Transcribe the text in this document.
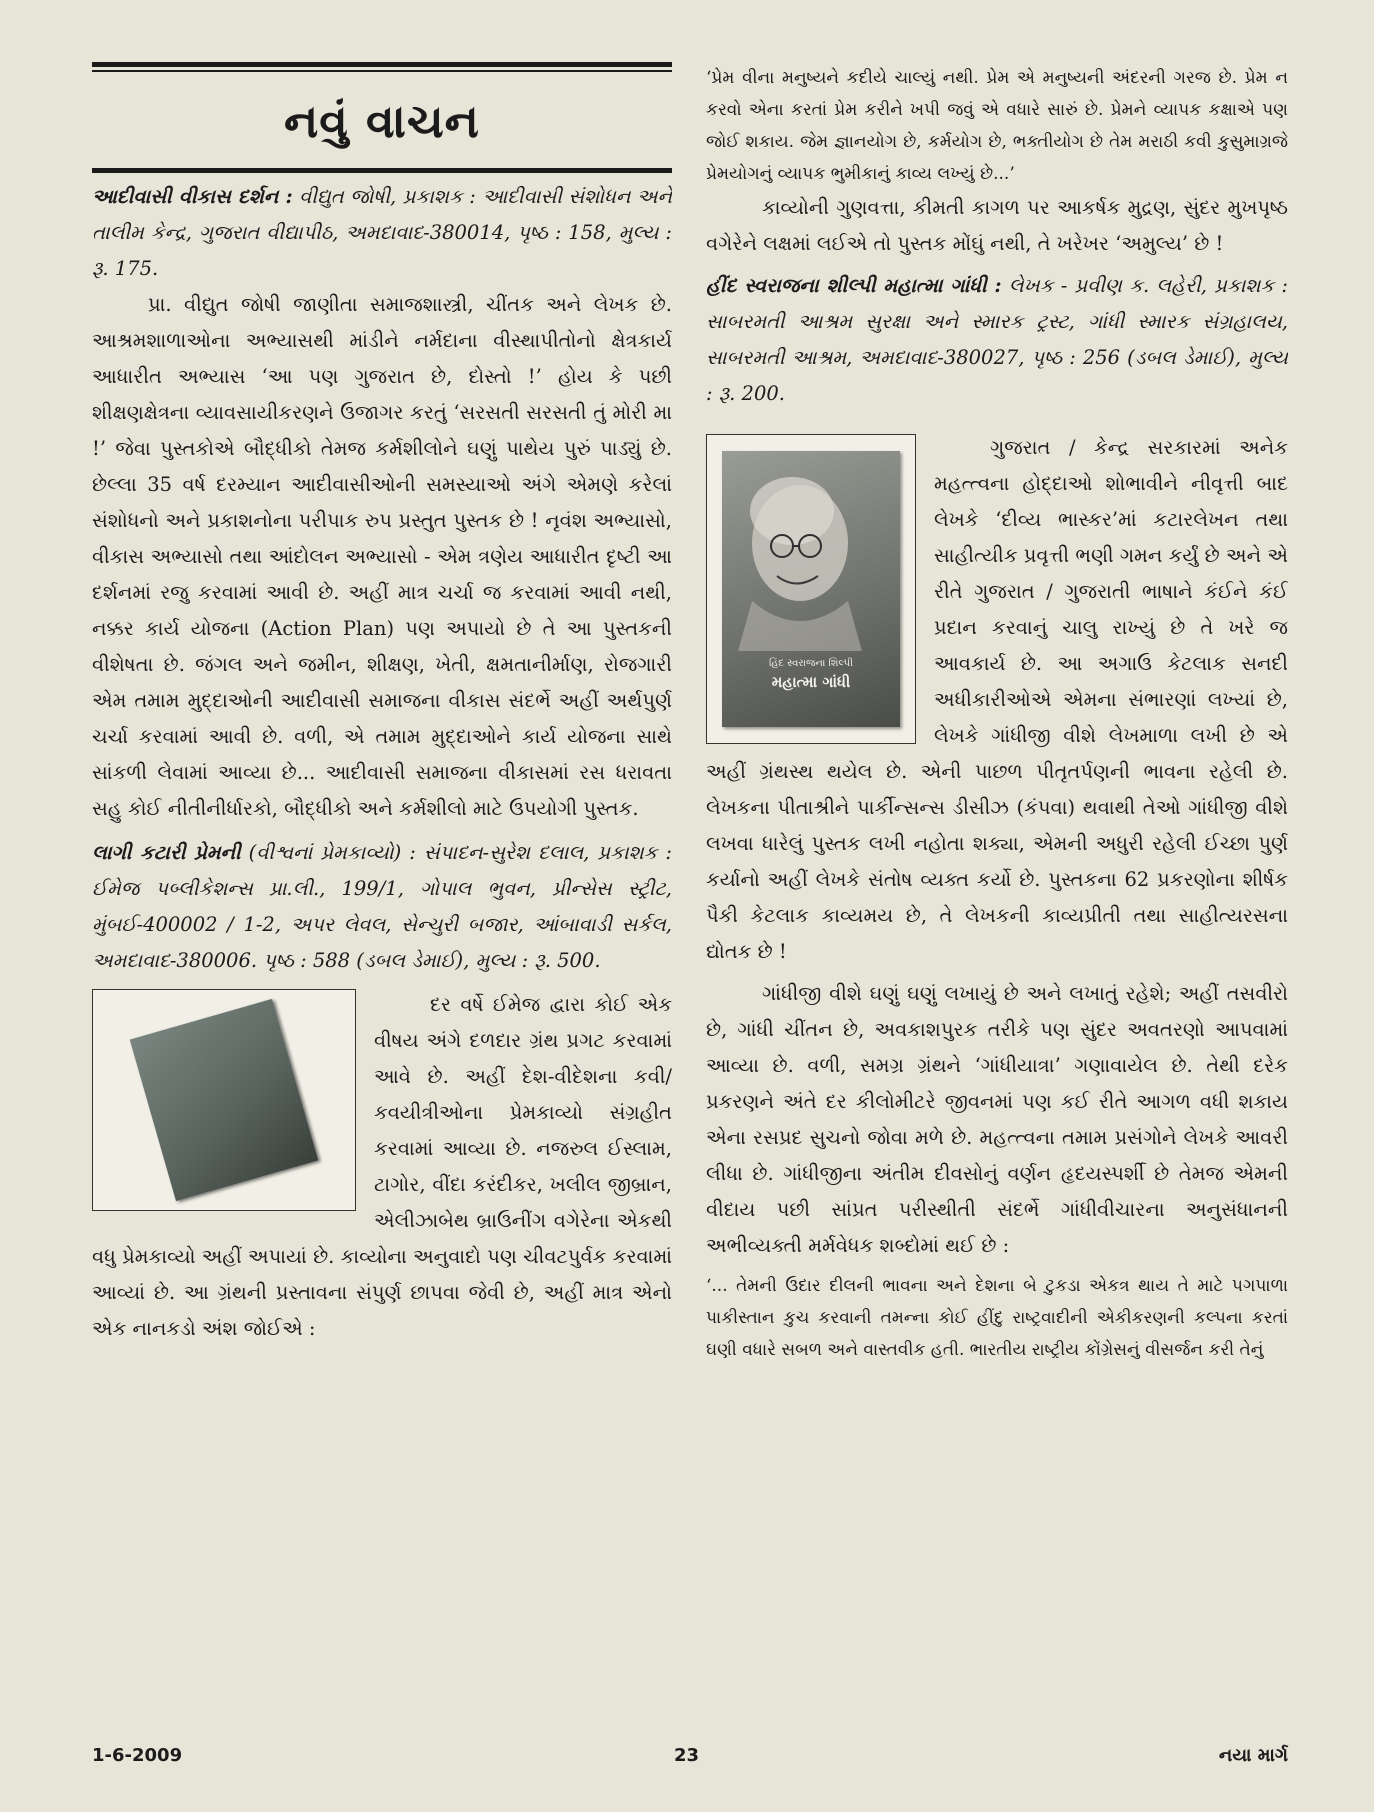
નવું વાચન

આદીવાસી વીકાસ દર્શન : વીદ્યુત જોષી, પ્રકાશક : આદીવાસી સંશોધન અને તાલીમ કેન્દ્ર, ગુજરાત વીદ્યાપીઠ, અમદાવાદ-380014, પૃષ્ઠ : 158, મુલ્ય : રૂ. 175.

પ્રા. વીદ્યુત જોષી જાણીતા સમાજશાસ્ત્રી, ચીંતક અને લેખક છે. આશ્રમશાળાઓના અભ્યાસથી માંડીને નર્મદાના વીસ્થાપીતોનો ક્ષેત્રકાર્ય આધારીત અભ્યાસ ‘આ પણ ગુજરાત છે, દોસ્તો !’ હોય કે પછી શીક્ષણક્ષેત્રના વ્યાવસાયીકરણને ઉજાગર કરતું ‘સરસતી સરસતી તું મોરી મા !’ જેવા પુસ્તકોએ બૌદ્ધીકો તેમજ કર્મશીલોને ઘણું પાથેય પુરું પાડ્યું છે. છેલ્લા 35 વર્ષ દરમ્યાન આદીવાસીઓની સમસ્યાઓ અંગે એમણે કરેલાં સંશોધનો અને પ્રકાશનોના પરીપાક રુપ પ્રસ્તુત પુસ્તક છે ! નૃવંશ અભ્યાસો, વીકાસ અભ્યાસો તથા આંદોલન અભ્યાસો - એમ ત્રણેય આધારીત દૃષ્ટી આ દર્શનમાં રજુ કરવામાં આવી છે. અહીં માત્ર ચર્ચા જ કરવામાં આવી નથી, નક્કર કાર્ય યોજના (Action Plan) પણ અપાયો છે તે આ પુસ્તકની વીશેષતા છે. જંગલ અને જમીન, શીક્ષણ, ખેતી, ક્ષમતાનીર્માણ, રોજગારી એમ તમામ મુદ્દાઓની આદીવાસી સમાજના વીકાસ સંદર્ભે અહીં અર્થપુર્ણ ચર્ચા કરવામાં આવી છે. વળી, એ તમામ મુદ્દાઓને કાર્ય યોજના સાથે સાંકળી લેવામાં આવ્યા છે... આદીવાસી સમાજના વીકાસમાં રસ ધરાવતા સહુ કોઈ નીતીનીર્ધારકો, બૌદ્ધીકો અને કર્મશીલો માટે ઉપયોગી પુસ્તક.

લાગી કટારી પ્રેમની (વીશ્વનાં પ્રેમકાવ્યો) : સંપાદન-સુરેશ દલાલ, પ્રકાશક : ઈમેજ પબ્લીકેશન્સ પ્રા.લી., 199/1, ગોપાલ ભુવન, પ્રીન્સેસ સ્ટ્રીટ, મુંબઈ-400002 / 1-2, અપર લેવલ, સેન્ચુરી બજાર, આંબાવાડી સર્કલ, અમદાવાદ-380006. પૃષ્ઠ : 588 (ડબલ ડેમાઈ), મુલ્ય : રૂ. 500.

દર વર્ષે ઈમેજ દ્વારા કોઈ એક વીષય અંગે દળદાર ગ્રંથ પ્રગટ કરવામાં આવે છે. અહીં દેશ-વીદેશના કવી/કવયીત્રીઓના પ્રેમકાવ્યો સંગ્રહીત કરવામાં આવ્યા છે. નજરુલ ઈસ્લામ, ટાગોર, વીંદા કરંદીકર, ખલીલ જીબ્રાન, એલીઝાબેથ બ્રાઉનીંગ વગેરેના એકથી વધુ પ્રેમકાવ્યો અહીં અપાયાં છે. કાવ્યોના અનુવાદો પણ ચીવટપુર્વક કરવામાં આવ્યાં છે. આ ગ્રંથની પ્રસ્તાવના સંપુર્ણ છાપવા જેવી છે, અહીં માત્ર એનો એક નાનકડો અંશ જોઈએ :

‘પ્રેમ વીના મનુષ્યને કદીયે ચાલ્યું નથી. પ્રેમ એ મનુષ્યની અંદરની ગરજ છે. પ્રેમ ન કરવો એના કરતાં પ્રેમ કરીને ખપી જવું એ વધારે સારું છે. પ્રેમને વ્યાપક કક્ષાએ પણ જોઈ શકાય. જેમ જ્ઞાનયોગ છે, કર્મયોગ છે, ભક્તીયોગ છે તેમ મરાઠી કવી કુસુમાગ્રજે પ્રેમયોગનું વ્યાપક ભુમીકાનું કાવ્ય લખ્યું છે...’

કાવ્યોની ગુણવત્તા, કીમતી કાગળ પર આકર્ષક મુદ્રણ, સુંદર મુખપૃષ્ઠ વગેરેને લક્ષમાં લઈએ તો પુસ્તક મોંઘું નથી, તે ખરેખર ‘અમુલ્ય’ છે !

હીંદ સ્વરાજના શીલ્પી મહાત્મા ગાંધી : લેખક - પ્રવીણ ક. લહેરી, પ્રકાશક : સાબરમતી આશ્રમ સુરક્ષા અને સ્મારક ટ્રસ્ટ, ગાંધી સ્મારક સંગ્રહાલય, સાબરમતી આશ્રમ, અમદાવાદ-380027, પૃષ્ઠ : 256 (ડબલ ડેમાઈ), મુલ્ય : રૂ. 200.

હિંદ સ્વરાજના શિલ્પી
મહાત્મા ગાંધી

ગુજરાત / કેન્દ્ર સરકારમાં અનેક મહત્ત્વના હોદ્દાઓ શોભાવીને નીવૃત્તી બાદ લેખકે ‘દીવ્ય ભાસ્કર’માં કટારલેખન તથા સાહીત્યીક પ્રવૃત્તી ભણી ગમન કર્યું છે અને એ રીતે ગુજરાત / ગુજરાતી ભાષાને કંઈને કંઈ પ્રદાન કરવાનું ચાલુ રાખ્યું છે તે ખરે જ આવકાર્ય છે. આ અગાઉ કેટલાક સનદી અધીકારીઓએ એમના સંભારણાં લખ્યાં છે, લેખકે ગાંધીજી વીશે લેખમાળા લખી છે એ અહીં ગ્રંથસ્થ થયેલ છે. એની પાછળ પીતૃતર્પણની ભાવના રહેલી છે. લેખકના પીતાશ્રીને પાર્કીન્સન્સ ડીસીઝ (કંપવા) થવાથી તેઓ ગાંધીજી વીશે લખવા ધારેલું પુસ્તક લખી નહોતા શક્યા, એમની અધુરી રહેલી ઈચ્છા પુર્ણ કર્યાનો અહીં લેખકે સંતોષ વ્યક્ત કર્યો છે. પુસ્તકના 62 પ્રકરણોના શીર્ષક પૈકી કેટલાક કાવ્યમય છે, તે લેખકની કાવ્યપ્રીતી તથા સાહીત્યરસના દ્યોતક છે !

ગાંધીજી વીશે ઘણું ઘણું લખાયું છે અને લખાતું રહેશે; અહીં તસવીરો છે, ગાંધી ચીંતન છે, અવકાશપુરક તરીકે પણ સુંદર અવતરણો આપવામાં આવ્યા છે. વળી, સમગ્ર ગ્રંથને ‘ગાંધીયાત્રા’ ગણાવાયેલ છે. તેથી દરેક પ્રકરણને અંતે દર કીલોમીટરે જીવનમાં પણ કઈ રીતે આગળ વધી શકાય એના રસપ્રદ સુચનો જોવા મળે છે. મહત્ત્વના તમામ પ્રસંગોને લેખકે આવરી લીધા છે. ગાંધીજીના અંતીમ દીવસોનું વર્ણન હૃદયસ્પર્શી છે તેમજ એમની વીદાય પછી સાંપ્રત પરીસ્થીતી સંદર્ભે ગાંધીવીચારના અનુસંધાનની અભીવ્યક્તી મર્મવેધક શબ્દોમાં થઈ છે :

‘... તેમની ઉદાર દીલની ભાવના અને દેશના બે ટુકડા એકત્ર થાય તે માટે પગપાળા પાકીસ્તાન કુચ કરવાની તમન્ના કોઈ હીંદુ રાષ્ટ્રવાદીની એકીકરણની કલ્પના કરતાં ઘણી વધારે સબળ અને વાસ્તવીક હતી. ભારતીય રાષ્ટ્રીય કોંગ્રેસનું વીસર્જન કરી તેનું

1-6-2009	23	નયા માર્ગ
